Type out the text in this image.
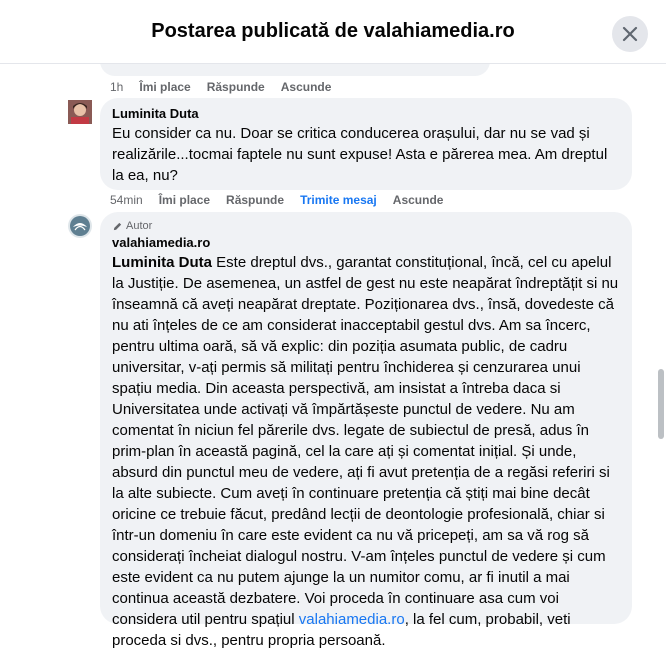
Postarea publicată de valahiamedia.ro
1h Îmi place Răspunde Ascunde
Luminita Duta
Eu consider ca nu. Doar se critica conducerea orașului, dar nu se vad și realizările...tocmai faptele nu sunt expuse! Asta e părerea mea. Am dreptul la ea, nu?
54min Îmi place Răspunde Trimite mesaj Ascunde
Autor
valahiamedia.ro
Luminita Duta Este dreptul dvs., garantat constituțional, încă, cel cu apelul la Justiție. De asemenea, un astfel de gest nu este neapărat îndreptățit si nu înseamnă că aveți neapărat dreptate. Poziționarea dvs., însă, dovedeste că nu ati înțeles de ce am considerat inacceptabil gestul dvs. Am sa încerc, pentru ultima oară, să vă explic: din poziția asumata public, de cadru universitar, v-ați permis să militați pentru închiderea și cenzurarea unui spațiu media. Din aceasta perspectivă, am insistat a întreba daca si Universitatea unde activați vă împărtășeste punctul de vedere. Nu am comentat în niciun fel părerile dvs. legate de subiectul de presă, adus în prim-plan în această pagină, cel la care ați și comentat inițial. Și unde, absurd din punctul meu de vedere, ați fi avut pretenția de a regăsi referiri si la alte subiecte. Cum aveți în continuare pretenția că știți mai bine decât oricine ce trebuie făcut, predând lecții de deontologie profesională, chiar si într-un domeniu în care este evident ca nu vă pricepeți, am sa vă rog să considerați încheiat dialogul nostru. V-am înțeles punctul de vedere și cum este evident ca nu putem ajunge la un numitor comu, ar fi inutil a mai continua această dezbatere. Voi proceda în continuare asa cum voi considera util pentru spațiul valahiamedia.ro, la fel cum, probabil, veti proceda si dvs., pentru propria persoană.
